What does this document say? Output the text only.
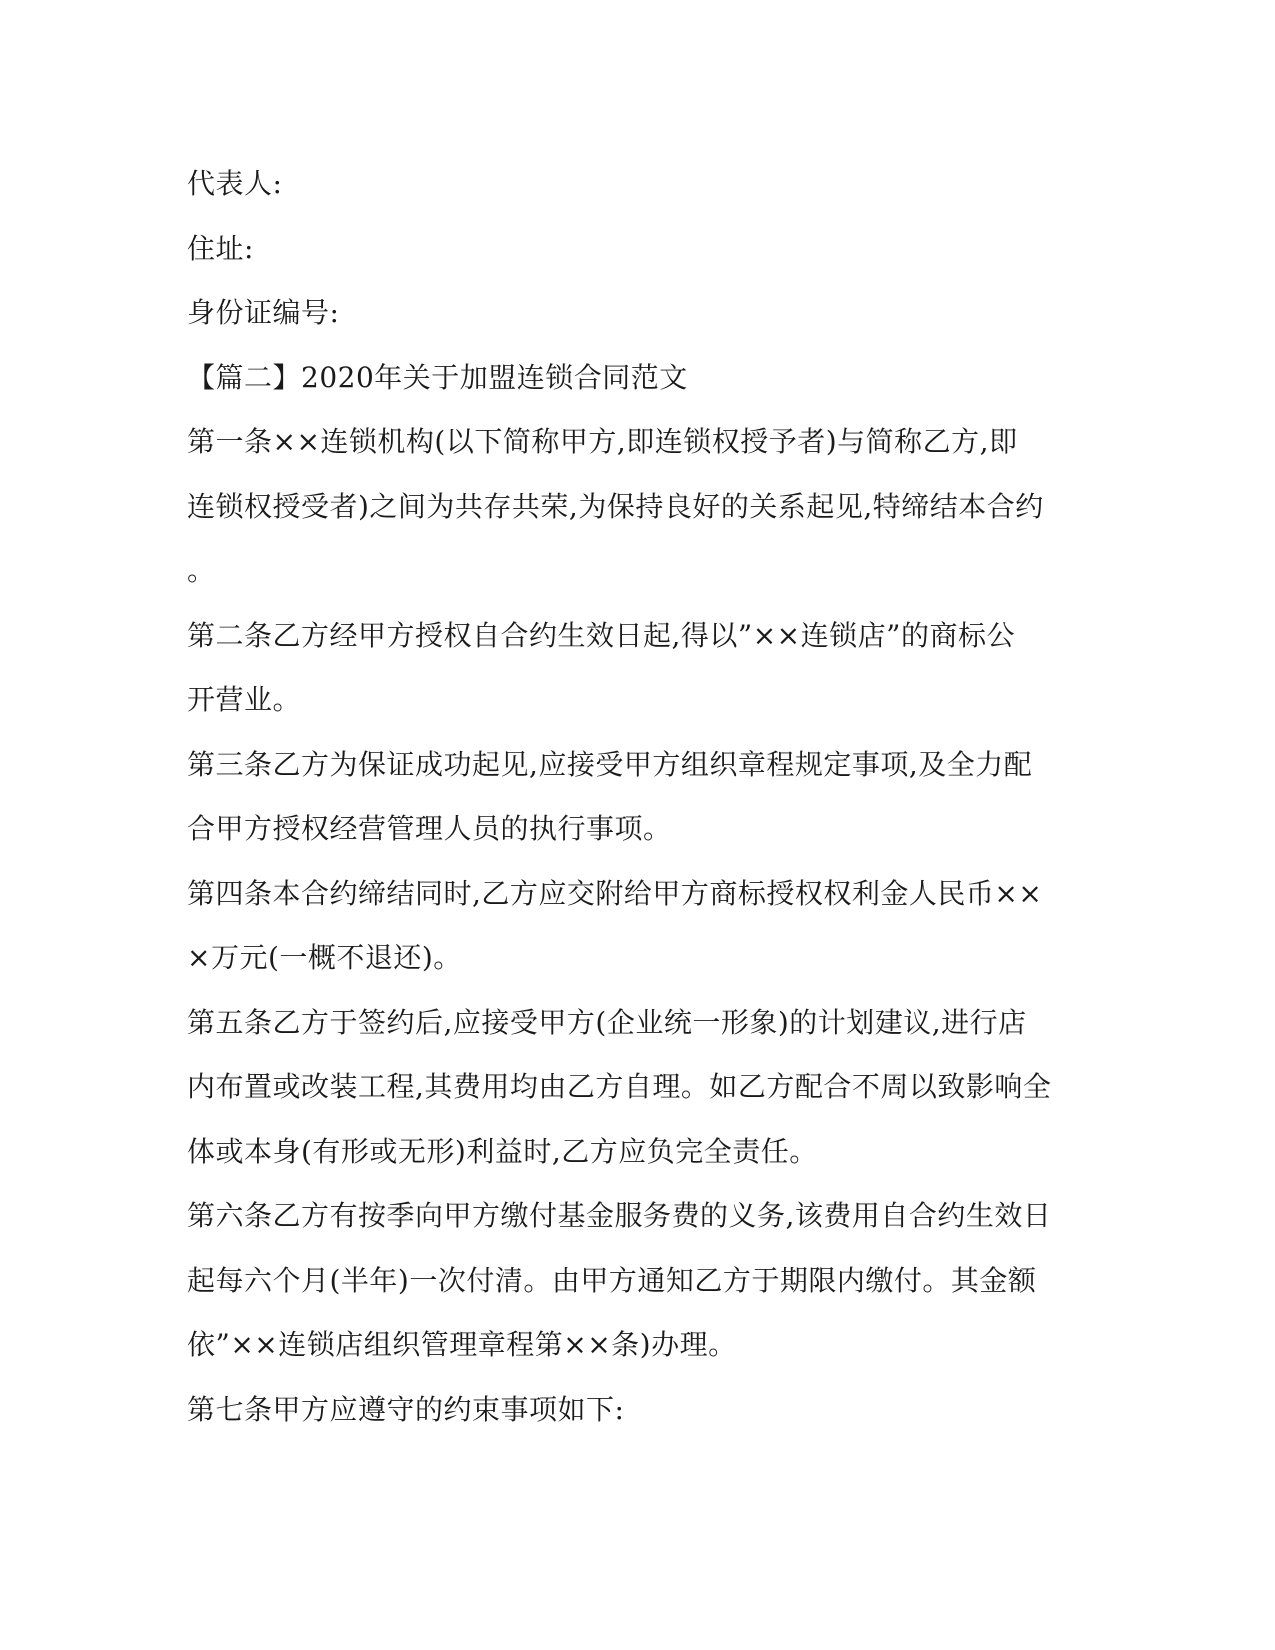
代表人:
住址:
身份证编号:
【篇二】2020年关于加盟连锁合同范文
第一条××连锁机构(以下简称甲方,即连锁权授予者)与简称乙方,即
连锁权授受者)之间为共存共荣,为保持良好的关系起见,特缔结本合约
。
第二条乙方经甲方授权自合约生效日起,得以”××连锁店”的商标公
开营业。
第三条乙方为保证成功起见,应接受甲方组织章程规定事项,及全力配
合甲方授权经营管理人员的执行事项。
第四条本合约缔结同时,乙方应交附给甲方商标授权权利金人民币××
×万元(一概不退还)。
第五条乙方于签约后,应接受甲方(企业统一形象)的计划建议,进行店
内布置或改装工程,其费用均由乙方自理。如乙方配合不周以致影响全
体或本身(有形或无形)利益时,乙方应负完全责任。
第六条乙方有按季向甲方缴付基金服务费的义务,该费用自合约生效日
起每六个月(半年)一次付清。由甲方通知乙方于期限内缴付。其金额
依”××连锁店组织管理章程第××条)办理。
第七条甲方应遵守的约束事项如下:
